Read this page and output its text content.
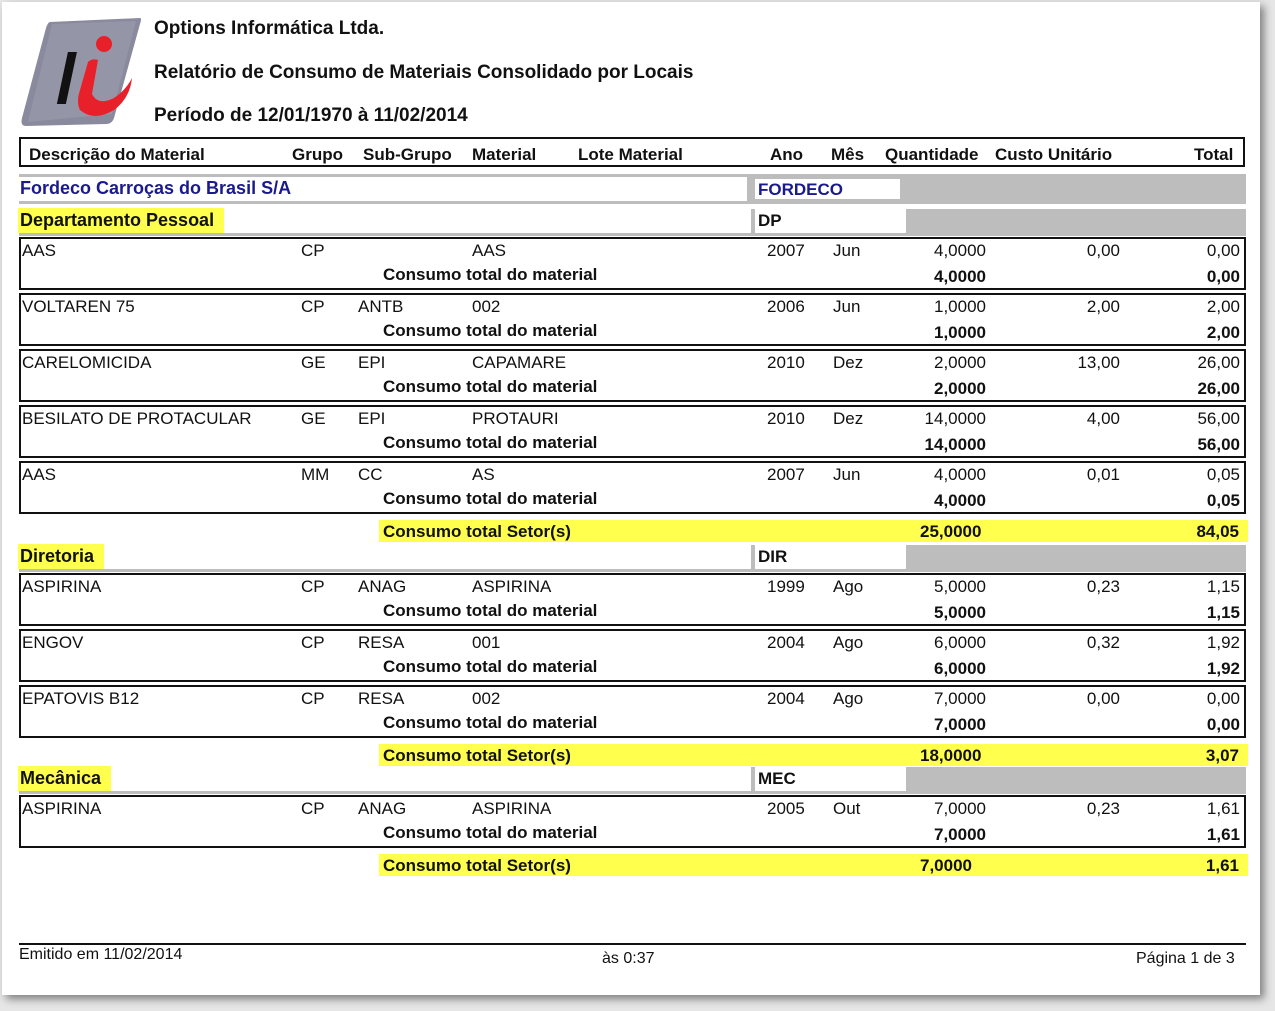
Options Informática Ltda.
Relatório de Consumo de Materiais Consolidado por Locais
Período de 12/01/1970 à 11/02/2014
Descrição do Material	Grupo Sub-Grupo Material Lote Material	Ano Mês Quantidade Custo Unitário	Total
Fordeco Carroças do Brasil S/A	FORDECO
Departamento Pessoal	DP
AAS	CP	AAS	2007 Jun	4,0000	0,00	0,00
Consumo total do material	4,0000	0,00
VOLTAREN 75	CP ANTB	002	2006 Jun	1,0000	2,00	2,00
Consumo total do material	1,0000	2,00
CARELOMICIDA	GE EPI	CAPAMARE	2010 Dez	2,0000	13,00	26,00
Consumo total do material	2,0000	26,00
BESILATO DE PROTACULAR	GE EPI	PROTAURI	2010 Dez	14,0000	4,00	56,00
Consumo total do material	14,0000	56,00
AAS	MM CC	AS	2007 Jun	4,0000	0,01	0,05
Consumo total do material	4,0000	0,05
Consumo total Setor(s)	25,0000	84,05
Diretoria	DIR
ASPIRINA	CP ANAG	ASPIRINA	1999 Ago	5,0000	0,23	1,15
Consumo total do material	5,0000	1,15
ENGOV	CP RESA	001	2004 Ago	6,0000	0,32	1,92
Consumo total do material	6,0000	1,92
EPATOVIS B12	CP RESA	002	2004 Ago	7,0000	0,00	0,00
Consumo total do material	7,0000	0,00
Consumo total Setor(s)	18,0000	3,07
Mecânica	MEC
ASPIRINA	CP ANAG	ASPIRINA	2005 Out	7,0000	0,23	1,61
Consumo total do material	7,0000	1,61
Consumo total Setor(s)	7,0000	1,61
Emitido em 11/02/2014	às 0:37	Página 1 de 3
